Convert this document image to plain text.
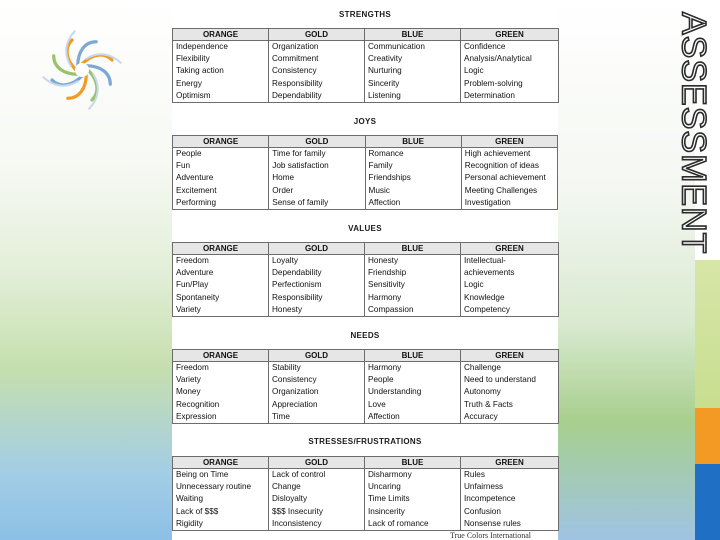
ASSESSMENT
STRENGTHS
ORANGE	GOLD	BLUE	GREEN
Independence	Organization	Communication	Confidence
Flexibility	Commitment	Creativity	Analysis/Analytical
Taking action	Consistency	Nurturing	Logic
Energy	Responsibility	Sincerity	Problem-solving
Optimism	Dependability	Listening	Determination
JOYS
ORANGE	GOLD	BLUE	GREEN
People	Time for family	Romance	High achievement
Fun	Job satisfaction	Family	Recognition of ideas
Adventure	Home	Friendships	Personal achievement
Excitement	Order	Music	Meeting Challenges
Performing	Sense of family	Affection	Investigation
VALUES
ORANGE	GOLD	BLUE	GREEN
Freedom	Loyalty	Honesty	Intellectual-
Adventure	Dependability	Friendship	achievements
Fun/Play	Perfectionism	Sensitivity	Logic
Spontaneity	Responsibility	Harmony	Knowledge
Variety	Honesty	Compassion	Competency
NEEDS
ORANGE	GOLD	BLUE	GREEN
Freedom	Stability	Harmony	Challenge
Variety	Consistency	People	Need to understand
Money	Organization	Understanding	Autonomy
Recognition	Appreciation	Love	Truth & Facts
Expression	Time	Affection	Accuracy
STRESSES/FRUSTRATIONS
ORANGE	GOLD	BLUE	GREEN
Being on Time	Lack of control	Disharmony	Rules
Unnecessary routine	Change	Uncaring	Unfairness
Waiting	Disloyalty	Time Limits	Incompetence
Lack of $$$	$$$ Insecurity	Insincerity	Confusion
Rigidity	Inconsistency	Lack of romance	Nonsense rules
True Colors International
